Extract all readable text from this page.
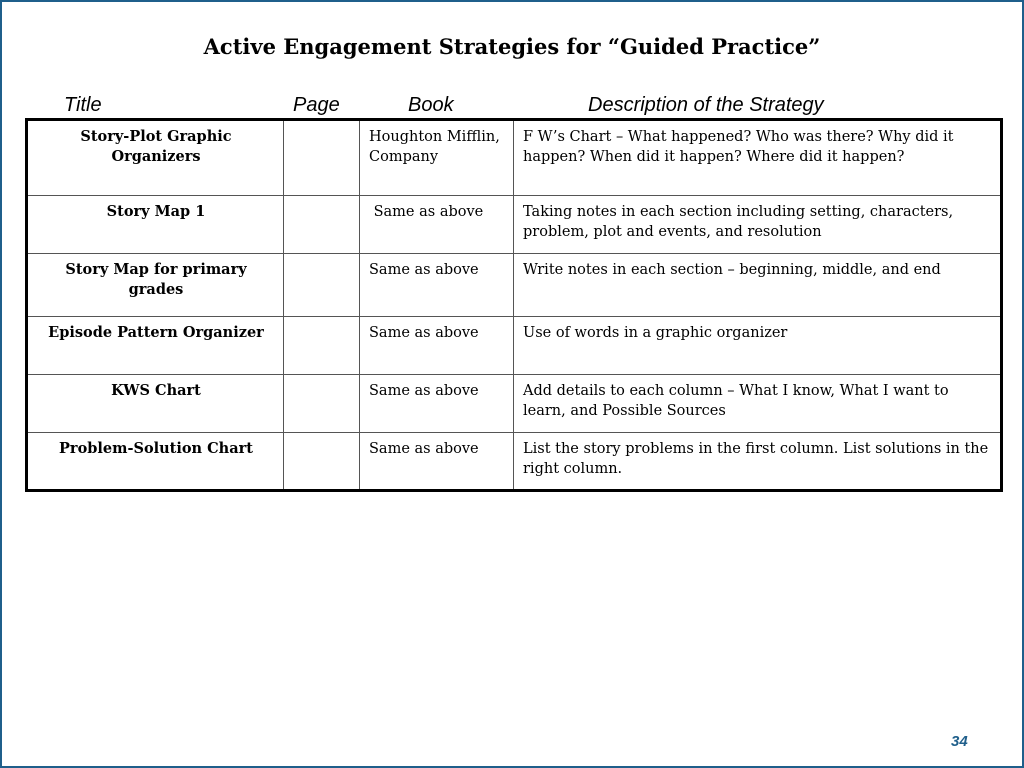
Active Engagement Strategies for “Guided Practice”
Title	Page	Book	Description of the Strategy
Story-Plot Graphic Organizers		Houghton Mifflin, Company	F W’s Chart – What happened? Who was there? Why did it happen? When did it happen? Where did it happen?
Story Map 1		Same as above	Taking notes in each section including setting, characters, problem, plot and events, and resolution
Story Map for primary grades		Same as above	Write notes in each section – beginning, middle, and end
Episode Pattern Organizer		Same as above	Use of words in a graphic organizer
KWS Chart		Same as above	Add details to each column – What I know, What I want to learn, and Possible Sources
Problem-Solution Chart		Same as above	List the story problems in the first column. List solutions in the right column.
34
